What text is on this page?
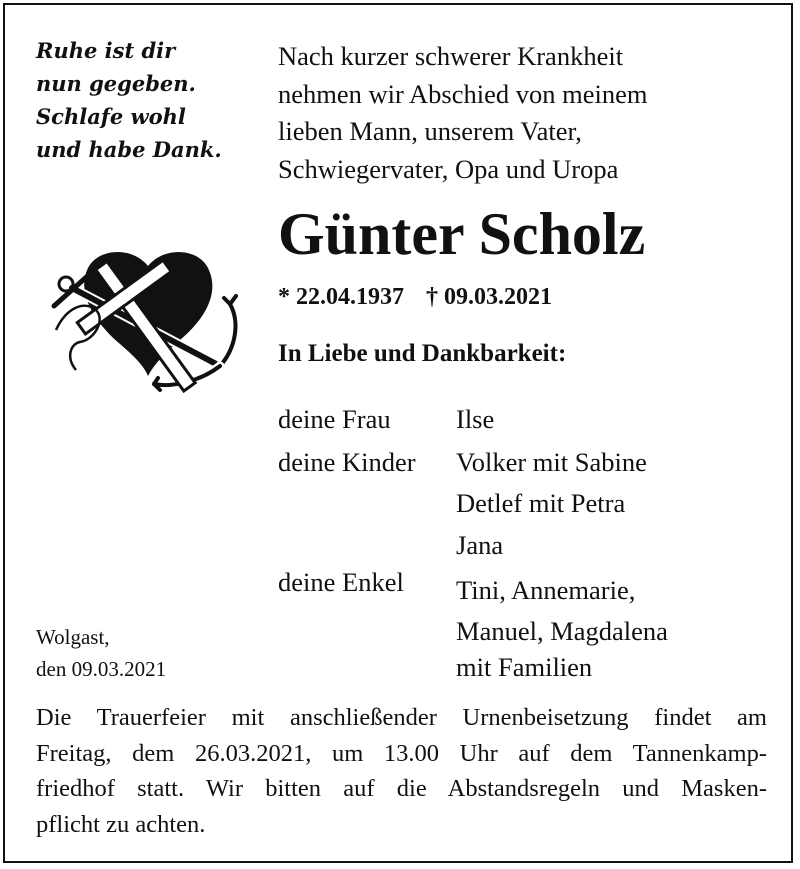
Ruhe ist dir
nun gegeben.
Schlafe wohl
und habe Dank.
Nach kurzer schwerer Krankheit
nehmen wir Abschied von meinem
lieben Mann, unserem Vater,
Schwiegervater, Opa und Uropa
Günter Scholz
* 22.04.1937 † 09.03.2021
In Liebe und Dankbarkeit:
deine Frau Ilse
deine Kinder Volker mit Sabine
Detlef mit Petra
Jana
deine Enkel Tini, Annemarie,
Manuel, Magdalena
mit Familien
Wolgast,
den 09.03.2021
Die Trauerfeier mit anschließender Urnenbeisetzung findet am
Freitag, dem 26.03.2021, um 13.00 Uhr auf dem Tannenkamp-
friedhof statt. Wir bitten auf die Abstandsregeln und Masken-
pflicht zu achten.
